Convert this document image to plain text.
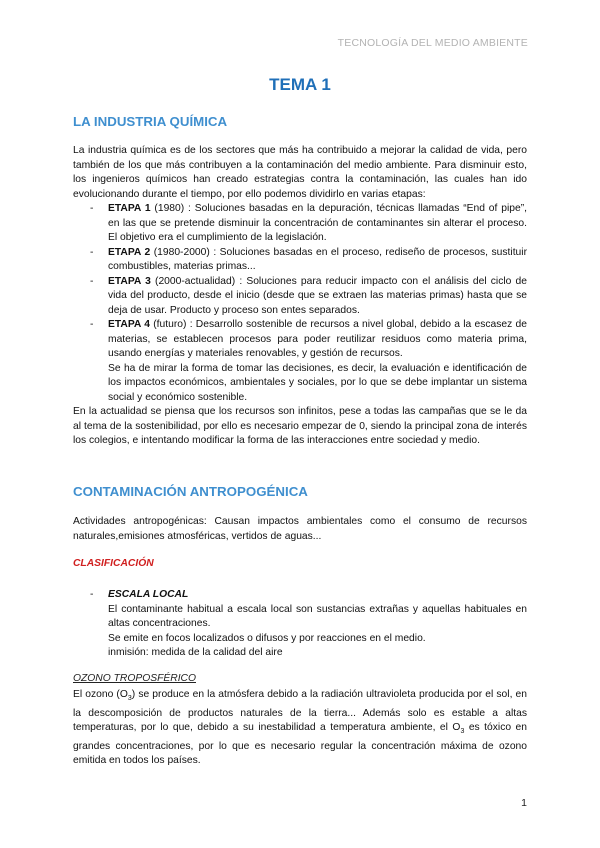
TECNOLOGÍA DEL MEDIO AMBIENTE
TEMA 1
LA INDUSTRIA QUÍMICA

La industria química es de los sectores que más ha contribuido a mejorar la calidad de vida, pero también de los que más contribuyen a la contaminación del medio ambiente. Para disminuir esto, los ingenieros químicos han creado estrategias contra la contaminación, las cuales han ido evolucionando durante el tiempo, por ello podemos dividirlo en varias etapas:

- ETAPA 1 (1980) : Soluciones basadas en la depuración, técnicas llamadas “End of pipe”, en las que se pretende disminuir la concentración de contaminantes sin alterar el proceso. El objetivo era el cumplimiento de la legislación.
- ETAPA 2 (1980-2000) : Soluciones basadas en el proceso, rediseño de procesos, sustituir combustibles, materias primas...
- ETAPA 3 (2000-actualidad) : Soluciones para reducir impacto con el análisis del ciclo de vida del producto, desde el inicio (desde que se extraen las materias primas) hasta que se deja de usar. Producto y proceso son entes separados.
- ETAPA 4 (futuro) : Desarrollo sostenible de recursos a nivel global, debido a la escasez de materias, se establecen procesos para poder reutilizar residuos como materia prima, usando energías y materiales renovables, y gestión de recursos.
Se ha de mirar la forma de tomar las decisiones, es decir, la evaluación e identificación de los impactos económicos, ambientales y sociales, por lo que se debe implantar un sistema social y económico sostenible.

En la actualidad se piensa que los recursos son infinitos, pese a todas las campañas que se le da al tema de la sostenibilidad, por ello es necesario empezar de 0, siendo la principal zona de interés los colegios, e intentando modificar la forma de las interacciones entre sociedad y medio.

CONTAMINACIÓN ANTROPOGÉNICA
Actividades antropogénicas: Causan impactos ambientales como el consumo de recursos naturales,emisiones atmosféricas, vertidos de aguas...
CLASIFICACIÓN
-	ESCALA LOCAL

El contaminante habitual a escala local son sustancias extrañas y aquellas habituales en altas concentraciones.

Se emite en focos localizados o difusos y por reacciones en el medio.

inmisión: medida de la calidad del aire

OZONO TROPOSFÉRICO
El ozono $(O_3)$ se produce en la atmósfera debido a la radiación ultravioleta producida por el sol, en la descomposición de productos naturales de la tierra... Además solo es estable a altas temperaturas, por lo que, debido a su inestabilidad a temperatura ambiente, el $O_3$ es tóxico en grandes concentraciones, por lo que es necesario regular la concentración máxima de ozono emitida en todos los países.
1
